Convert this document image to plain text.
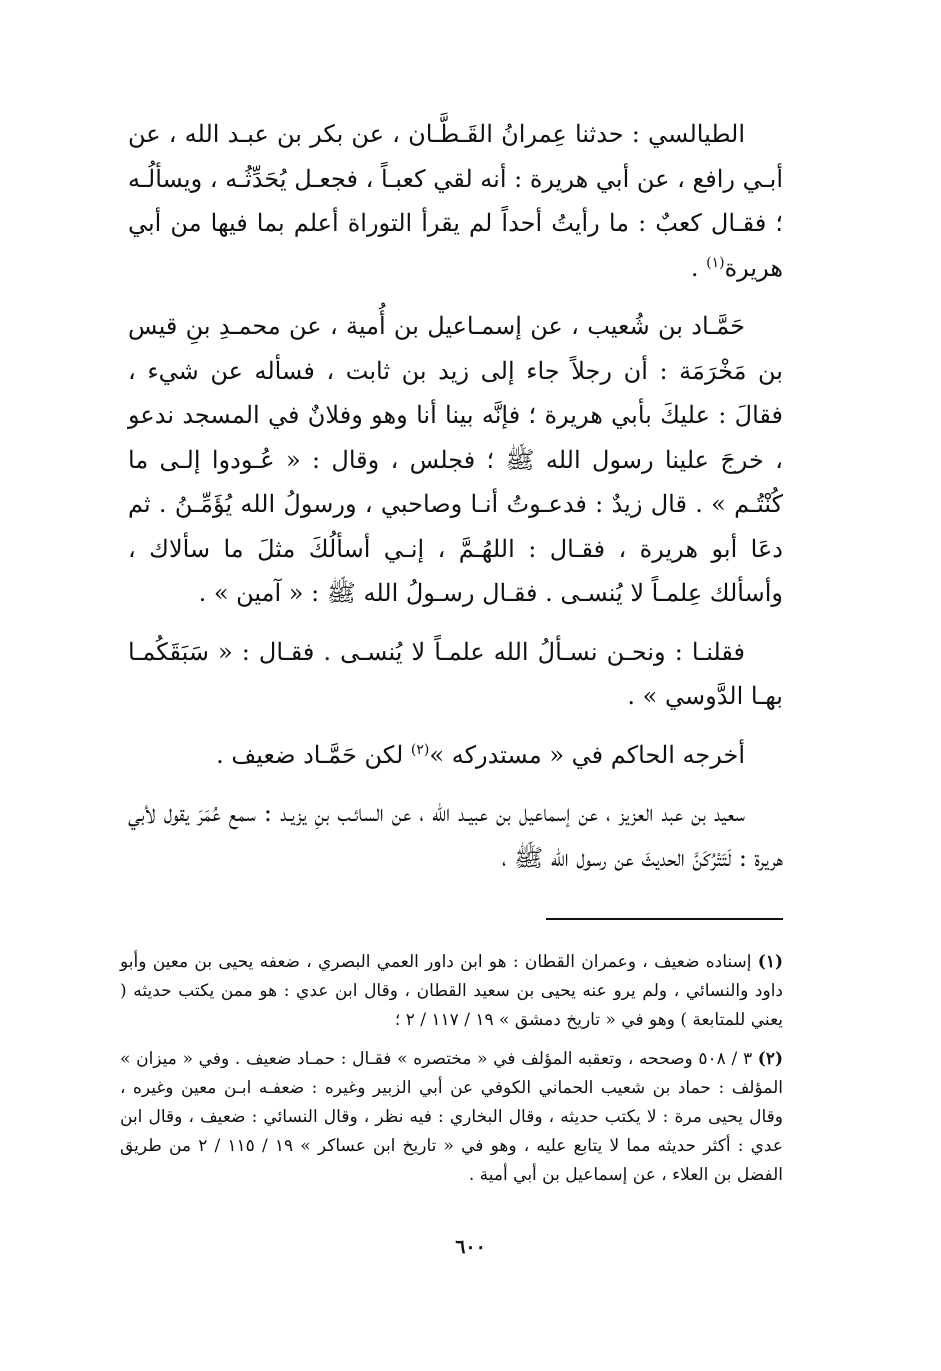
الطيالسي : حدثنا عِمرانُ القَـطَّـان ، عن بكر بن عبـد الله ، عن أبـي رافع ، عن أبي هريرة : أنه لقي كعبـاً ، فجعـل يُحَدِّثُـه ، ويسألُـه ؛ فقـال كعبٌ : ما رأيتُ أحداً لم يقرأ التوراة أعلم بما فيها من أبي هريرة$^{(١)}$ .

حَمَّـاد بن شُعيب ، عن إسمـاعيل بن أُمية ، عن محمـدِ بنِ قيس بن مَخْرَمَة : أن رجلاً جاء إلى زيد بن ثابت ، فسأله عن شيء ، فقالَ : عليكَ بأبي هريرة ؛ فإنَّه بينا أنا وهو وفلانٌ في المسجد ندعو ، خرجَ علينا رسول الله ﷺ ؛ فجلس ، وقال : « عُـودوا إلـى ما كُنْتُـم » . قال زيدٌ : فدعـوتُ أنـا وصاحبي ، ورسولُ الله يُؤَمِّـنُ . ثم دعَا أبو هريرة ، فقـال : اللهُـمَّ ، إنـي أسألُكَ مثلَ ما سألاك ، وأسألك عِلمـاً لا يُنسـى . فقـال رسـولُ الله ﷺ : « آمين » .

فقلنـا : ونحـن نسـألُ الله علمـاً لا يُنسـى . فقـال : « سَبَقَكُمـا بهـا الدَّوسي » .

أخرجه الحاكم في « مستدركه »$^{(٢)}$ لكن حَمَّـاد ضعيف .

سعيد بن عبد العزيز ، عن إسماعيل بن عبيـد الله ، عن السائـب بنِ يزيـد : سمع عُمَرَ يقول لأبي هريرة : لَتَتْرُكَنَّ الحديثَ عن رسول الله ﷺ ،

(١) إسناده ضعيف ، وعمران القطان : هو ابن داور العمي البصري ، ضعفه يحيى بن معين وأبو داود والنسائي ، ولم يرو عنه يحيى بن سعيد القطان ، وقال ابن عدي : هو ممن يكتب حديثه ( يعني للمتابعة ) وهو في « تاريخ دمشق » ١٩ / ١١٧ / ٢ ؛

(٢) ٣ / ٥٠٨ وصححه ، وتعقبه المؤلف في « مختصره » فقـال : حمـاد ضعيف . وفي « ميزان » المؤلف : حماد بن شعيب الحماني الكوفي عن أبي الزبير وغيره : ضعفـه ابـن معين وغيره ، وقال يحيى مرة : لا يكتب حديثه ، وقال البخاري : فيه نظر ، وقال النسائي : ضعيف ، وقال ابن عدي : أكثر حديثه مما لا يتابع عليه ، وهو في « تاريخ ابن عساكر » ١٩ / ١١٥ / ٢ من طريق الفضل بن العلاء ، عن إسماعيل بن أبي أمية .

٦٠٠
